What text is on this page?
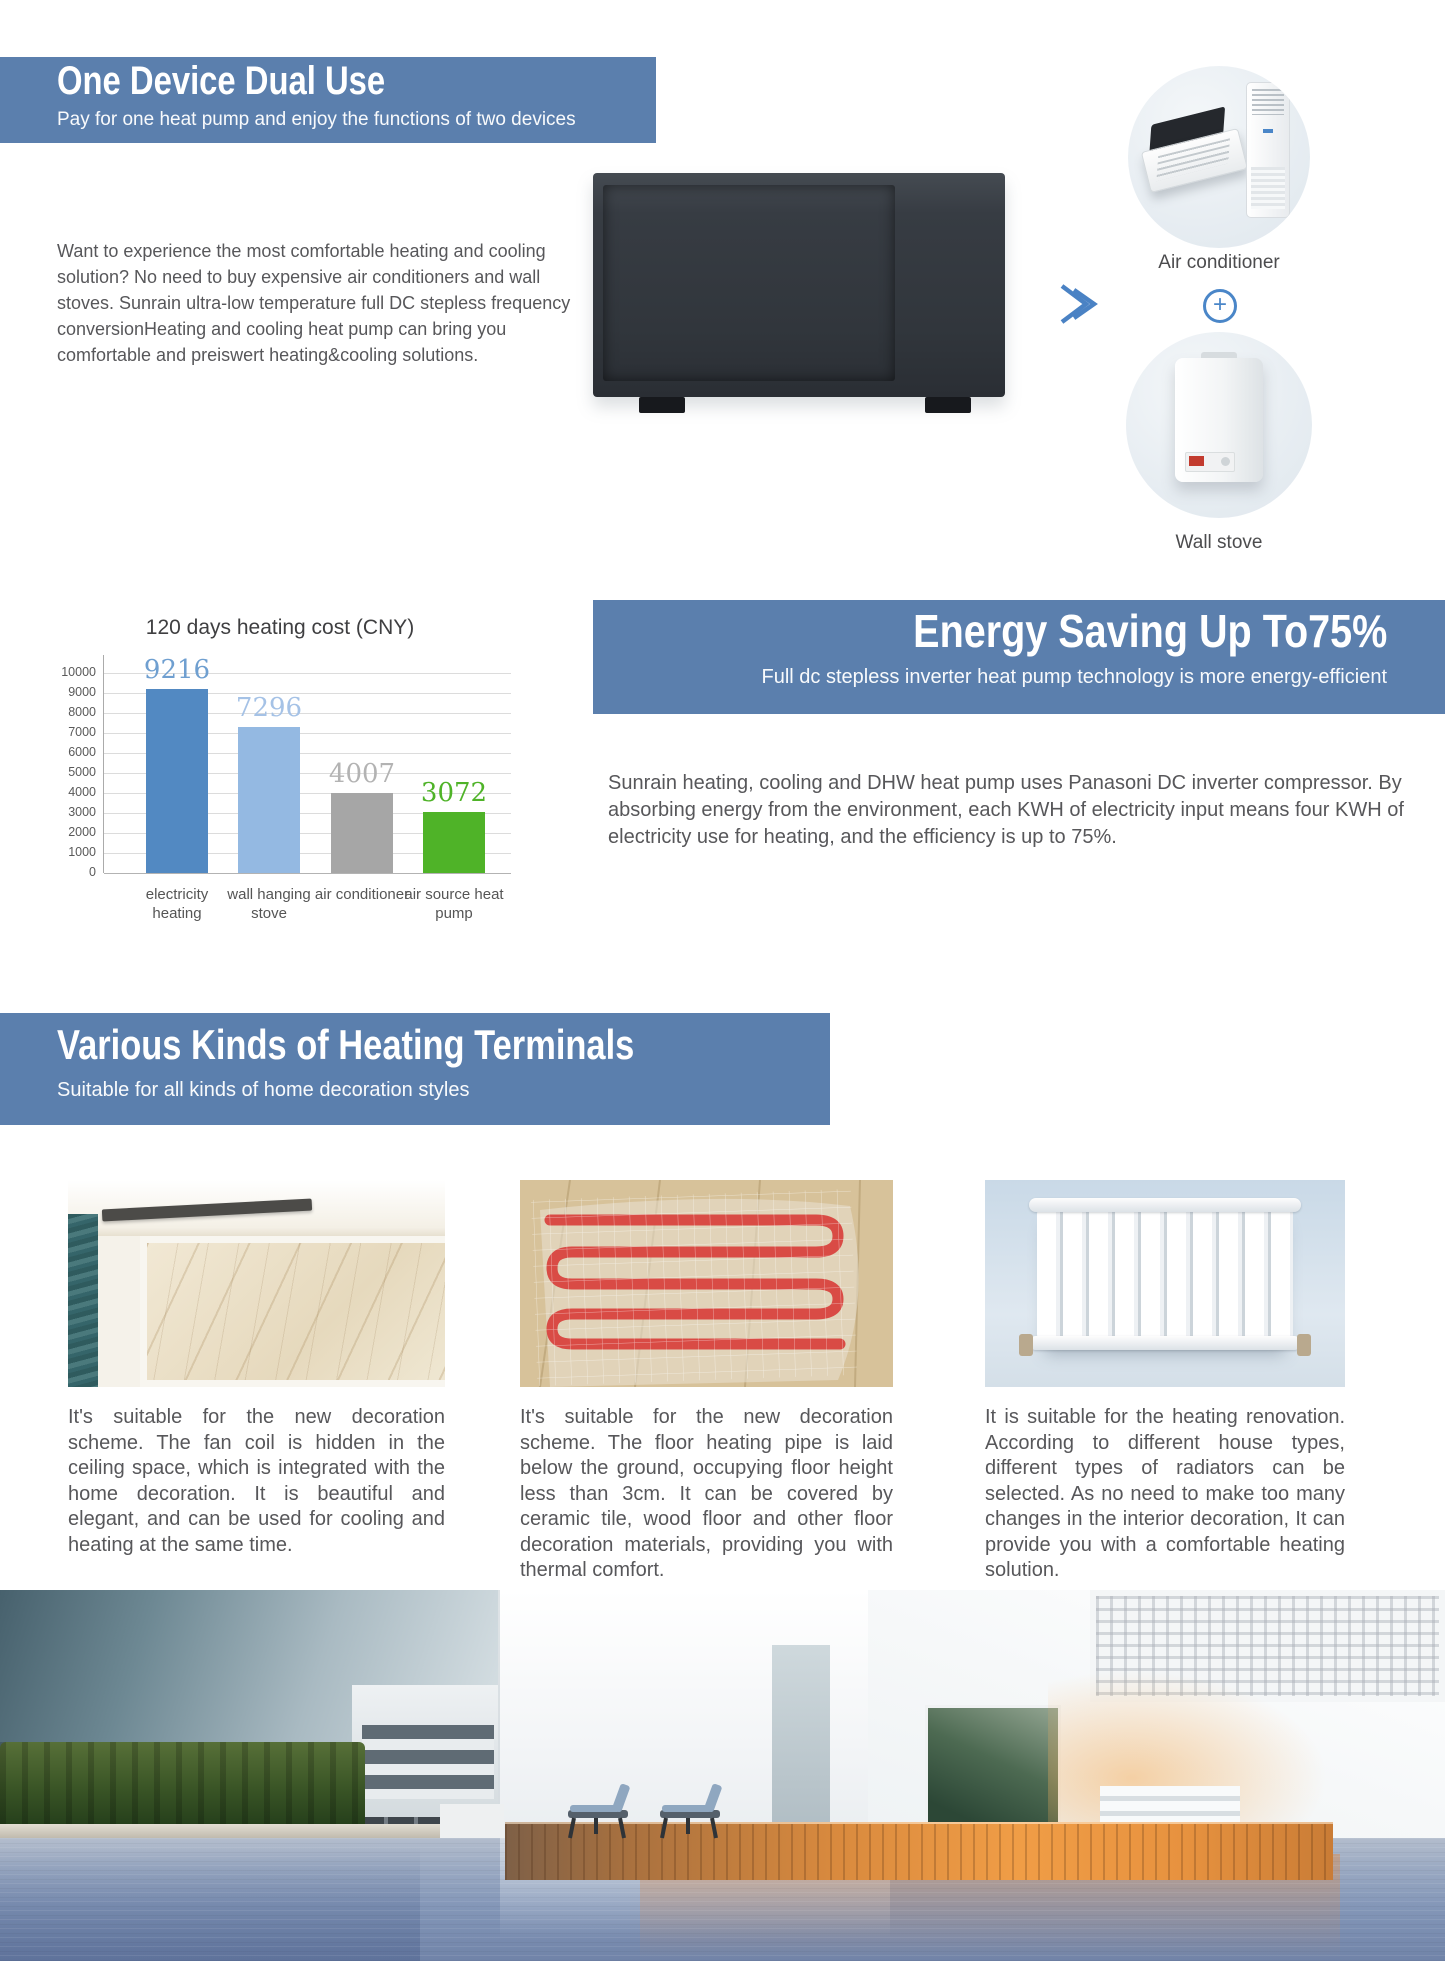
One Device Dual Use
Pay for one heat pump and enjoy the functions of two devices
Want to experience the most comfortable heating and cooling solution? No need to buy expensive air conditioners and wall stoves. Sunrain ultra-low temperature full DC stepless frequency conversionHeating and cooling heat pump can bring you comfortable and preiswert heating&cooling solutions.
Air conditioner
+
Wall stove
120 days heating cost (CNY)
0
1000
2000
3000
4000
5000
6000
7000
8000
9000
10000	9216
electricity heating
7296
wall hanging stove
4007
air conditioner
3072
air source heat pump
Energy Saving Up To75%
Full dc stepless inverter heat pump technology is more energy-efficient
Sunrain heating, cooling and DHW heat pump uses Panasoni DC inverter compressor. By absorbing energy from the environment, each KWH of electricity input means four KWH of electricity use for heating, and the efficiency is up to 75%.
Various Kinds of Heating Terminals
Suitable for all kinds of home decoration styles
It's suitable for the new decoration scheme. The fan coil is hidden in the ceiling space, which is integrated with the home decoration. It is beautiful and elegant, and can be used for cooling and heating at the same time.
It's suitable for the new decoration scheme. The floor heating pipe is laid below the ground, occupying floor height less than 3cm. It can be covered by ceramic tile, wood floor and other floor decoration materials, providing you with thermal comfort.
It is suitable for the heating renovation. According to different house types, different types of radiators can be selected. As no need to make too many changes in the interior decoration, It can provide you with a comfortable heating solution.
